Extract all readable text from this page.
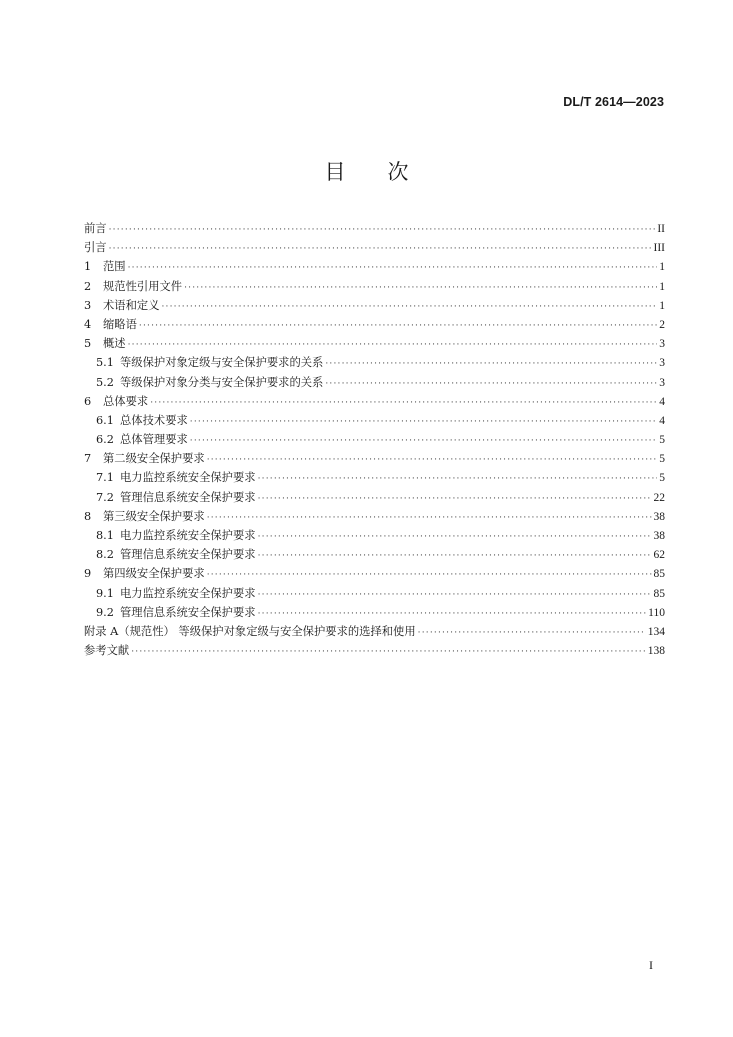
DL/T 2614—2023
目 次
前言 ·····	II
引言 ·····	III
1	范围 ·····	1
2	规范性引用文件 ·····	1
3	术语和定义 ·····	1
4	缩略语 ·····	2
5	概述 ·····	3
5.1 等级保护对象定级与安全保护要求的关系 ·····	3
5.2 等级保护对象分类与安全保护要求的关系 ·····	3
6	总体要求 ·····	4
6.1 总体技术要求 ·····	4
6.2 总体管理要求 ·····	5
7	第二级安全保护要求 ·····	5
7.1 电力监控系统安全保护要求 ·····	5
7.2 管理信息系统安全保护要求 ·····	22
8	第三级安全保护要求 ·····	38
8.1 电力监控系统安全保护要求 ·····	38
8.2 管理信息系统安全保护要求 ·····	62
9	第四级安全保护要求 ·····	85
9.1 电力监控系统安全保护要求 ·····	85
9.2 管理信息系统安全保护要求 ·····	110
附录 A（规范性） 等级保护对象定级与安全保护要求的选择和使用 ·····	134
参考文献 ·····	138
I
